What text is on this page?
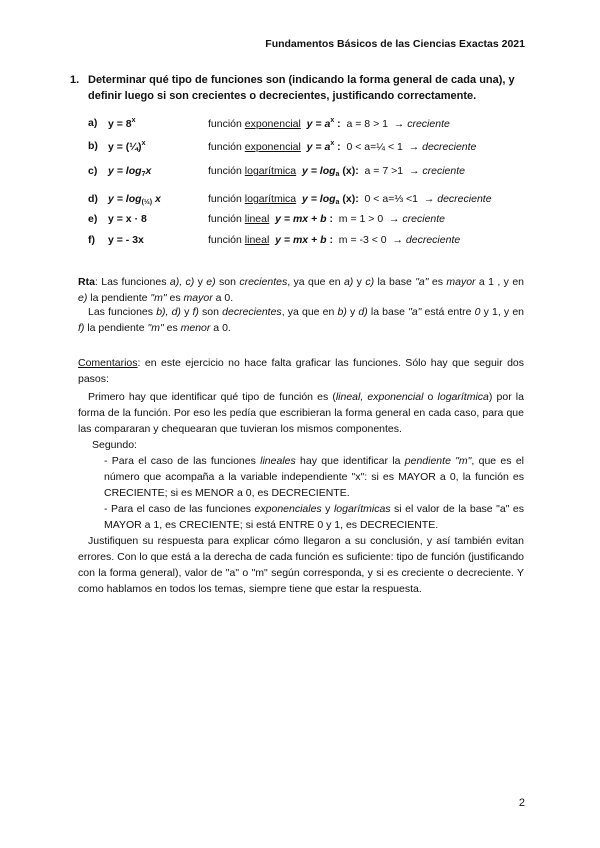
Fundamentos Básicos de las Ciencias Exactas 2021
1. Determinar qué tipo de funciones son (indicando la forma general de cada una), y definir luego si son crecientes o decrecientes, justificando correctamente.
a) $y = 8^x$	función exponencial $y = a^x$ : a = 8 > 1 → creciente
b) y = (¼)$^x$	función exponencial $y = a^x$ : 0 < a=¼ < 1 → decreciente
c) $y = \log_7x$	función logarítmica $y = \log_a (x)$: a = 7 >1 → creciente
d) $y = \log_{(\frac{1}{3})} x$	función logarítmica $y = \log_a (x)$: 0 < a=⅓ <1 → decreciente
e) y = x · 8	función lineal y = mx + b : m = 1 > 0 → creciente
f) y = - 3x	función lineal y = mx + b : m = -3 < 0 → decreciente
Rta: Las funciones a), c) y e) son crecientes, ya que en a) y c) la base "a" es mayor a 1 , y en e) la pendiente "m" es mayor a 0.
Las funciones b), d) y f) son decrecientes, ya que en b) y d) la base "a" está entre 0 y 1, y en f) la pendiente "m" es menor a 0.
Comentarios: en este ejercicio no hace falta graficar las funciones. Sólo hay que seguir dos pasos:
Primero hay que identificar qué tipo de función es (lineal, exponencial o logarítmica) por la forma de la función. Por eso les pedía que escribieran la forma general en cada caso, para que las compararan y chequearan que tuvieran los mismos componentes.
Segundo:
- Para el caso de las funciones lineales hay que identificar la pendiente "m", que es el número que acompaña a la variable independiente "x": si es MAYOR a 0, la función es CRECIENTE; si es MENOR a 0, es DECRECIENTE.
- Para el caso de las funciones exponenciales y logarítmicas si el valor de la base "a" es MAYOR a 1, es CRECIENTE; si está ENTRE 0 y 1, es DECRECIENTE.
Justifiquen su respuesta para explicar cómo llegaron a su conclusión, y así también evitan errores. Con lo que está a la derecha de cada función es suficiente: tipo de función (justificando con la forma general), valor de "a" o "m" según corresponda, y si es creciente o decreciente. Y como hablamos en todos los temas, siempre tiene que estar la respuesta.
2
